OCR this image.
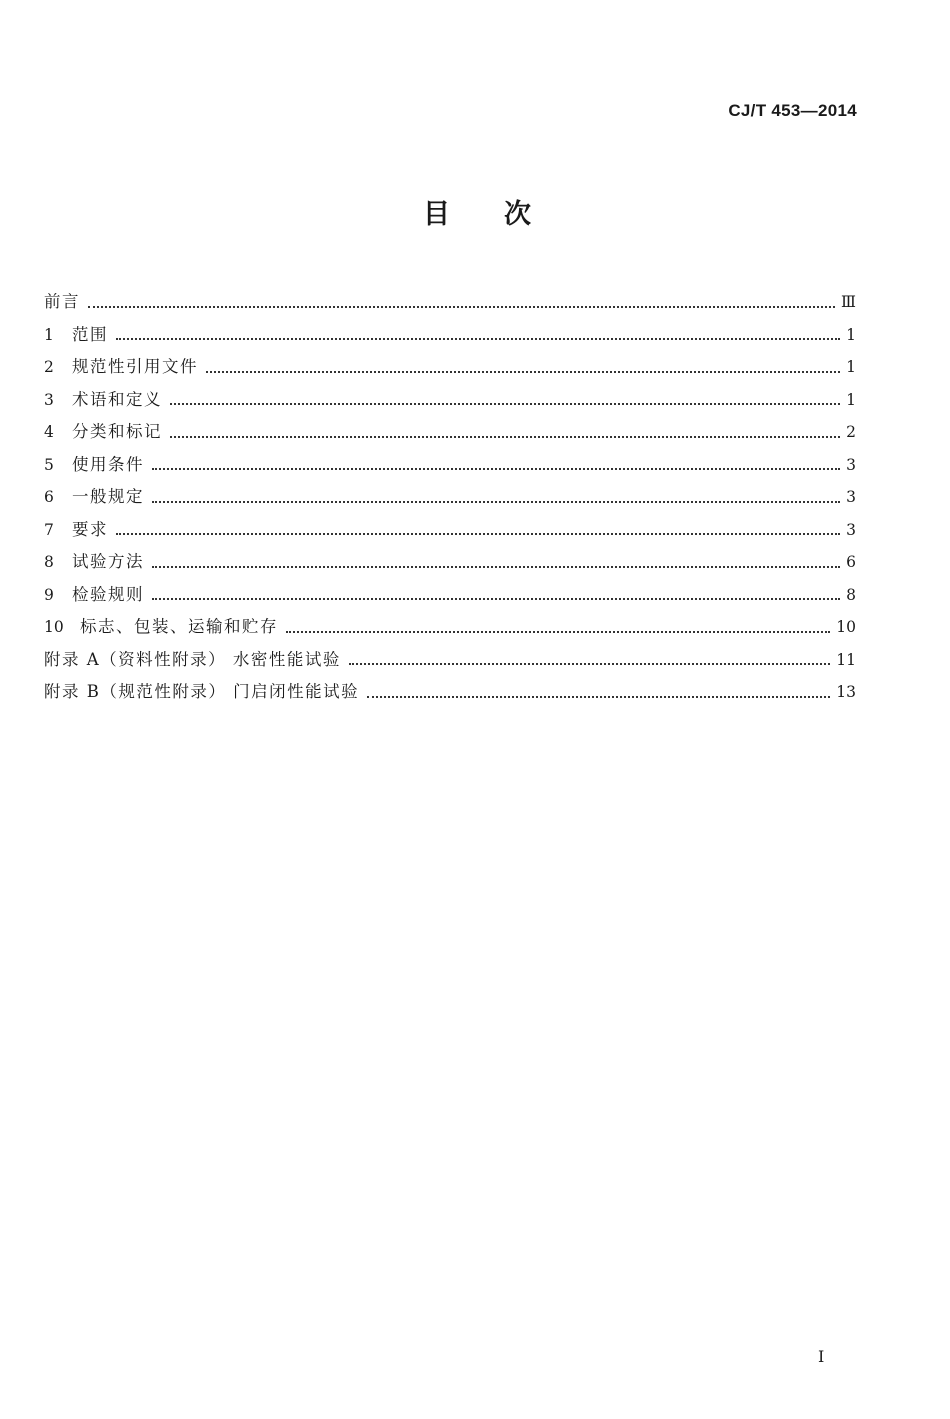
CJ/T 453—2014
目次
前言	Ⅲ
1	范围	1
2	规范性引用文件	1
3	术语和定义	1
4	分类和标记	2
5	使用条件	3
6	一般规定	3
7	要求	3
8	试验方法	6
9	检验规则	8
10 标志、包装、运输和贮存	10
附录 A（资料性附录） 水密性能试验	11
附录 B（规范性附录） 门启闭性能试验	13
I
